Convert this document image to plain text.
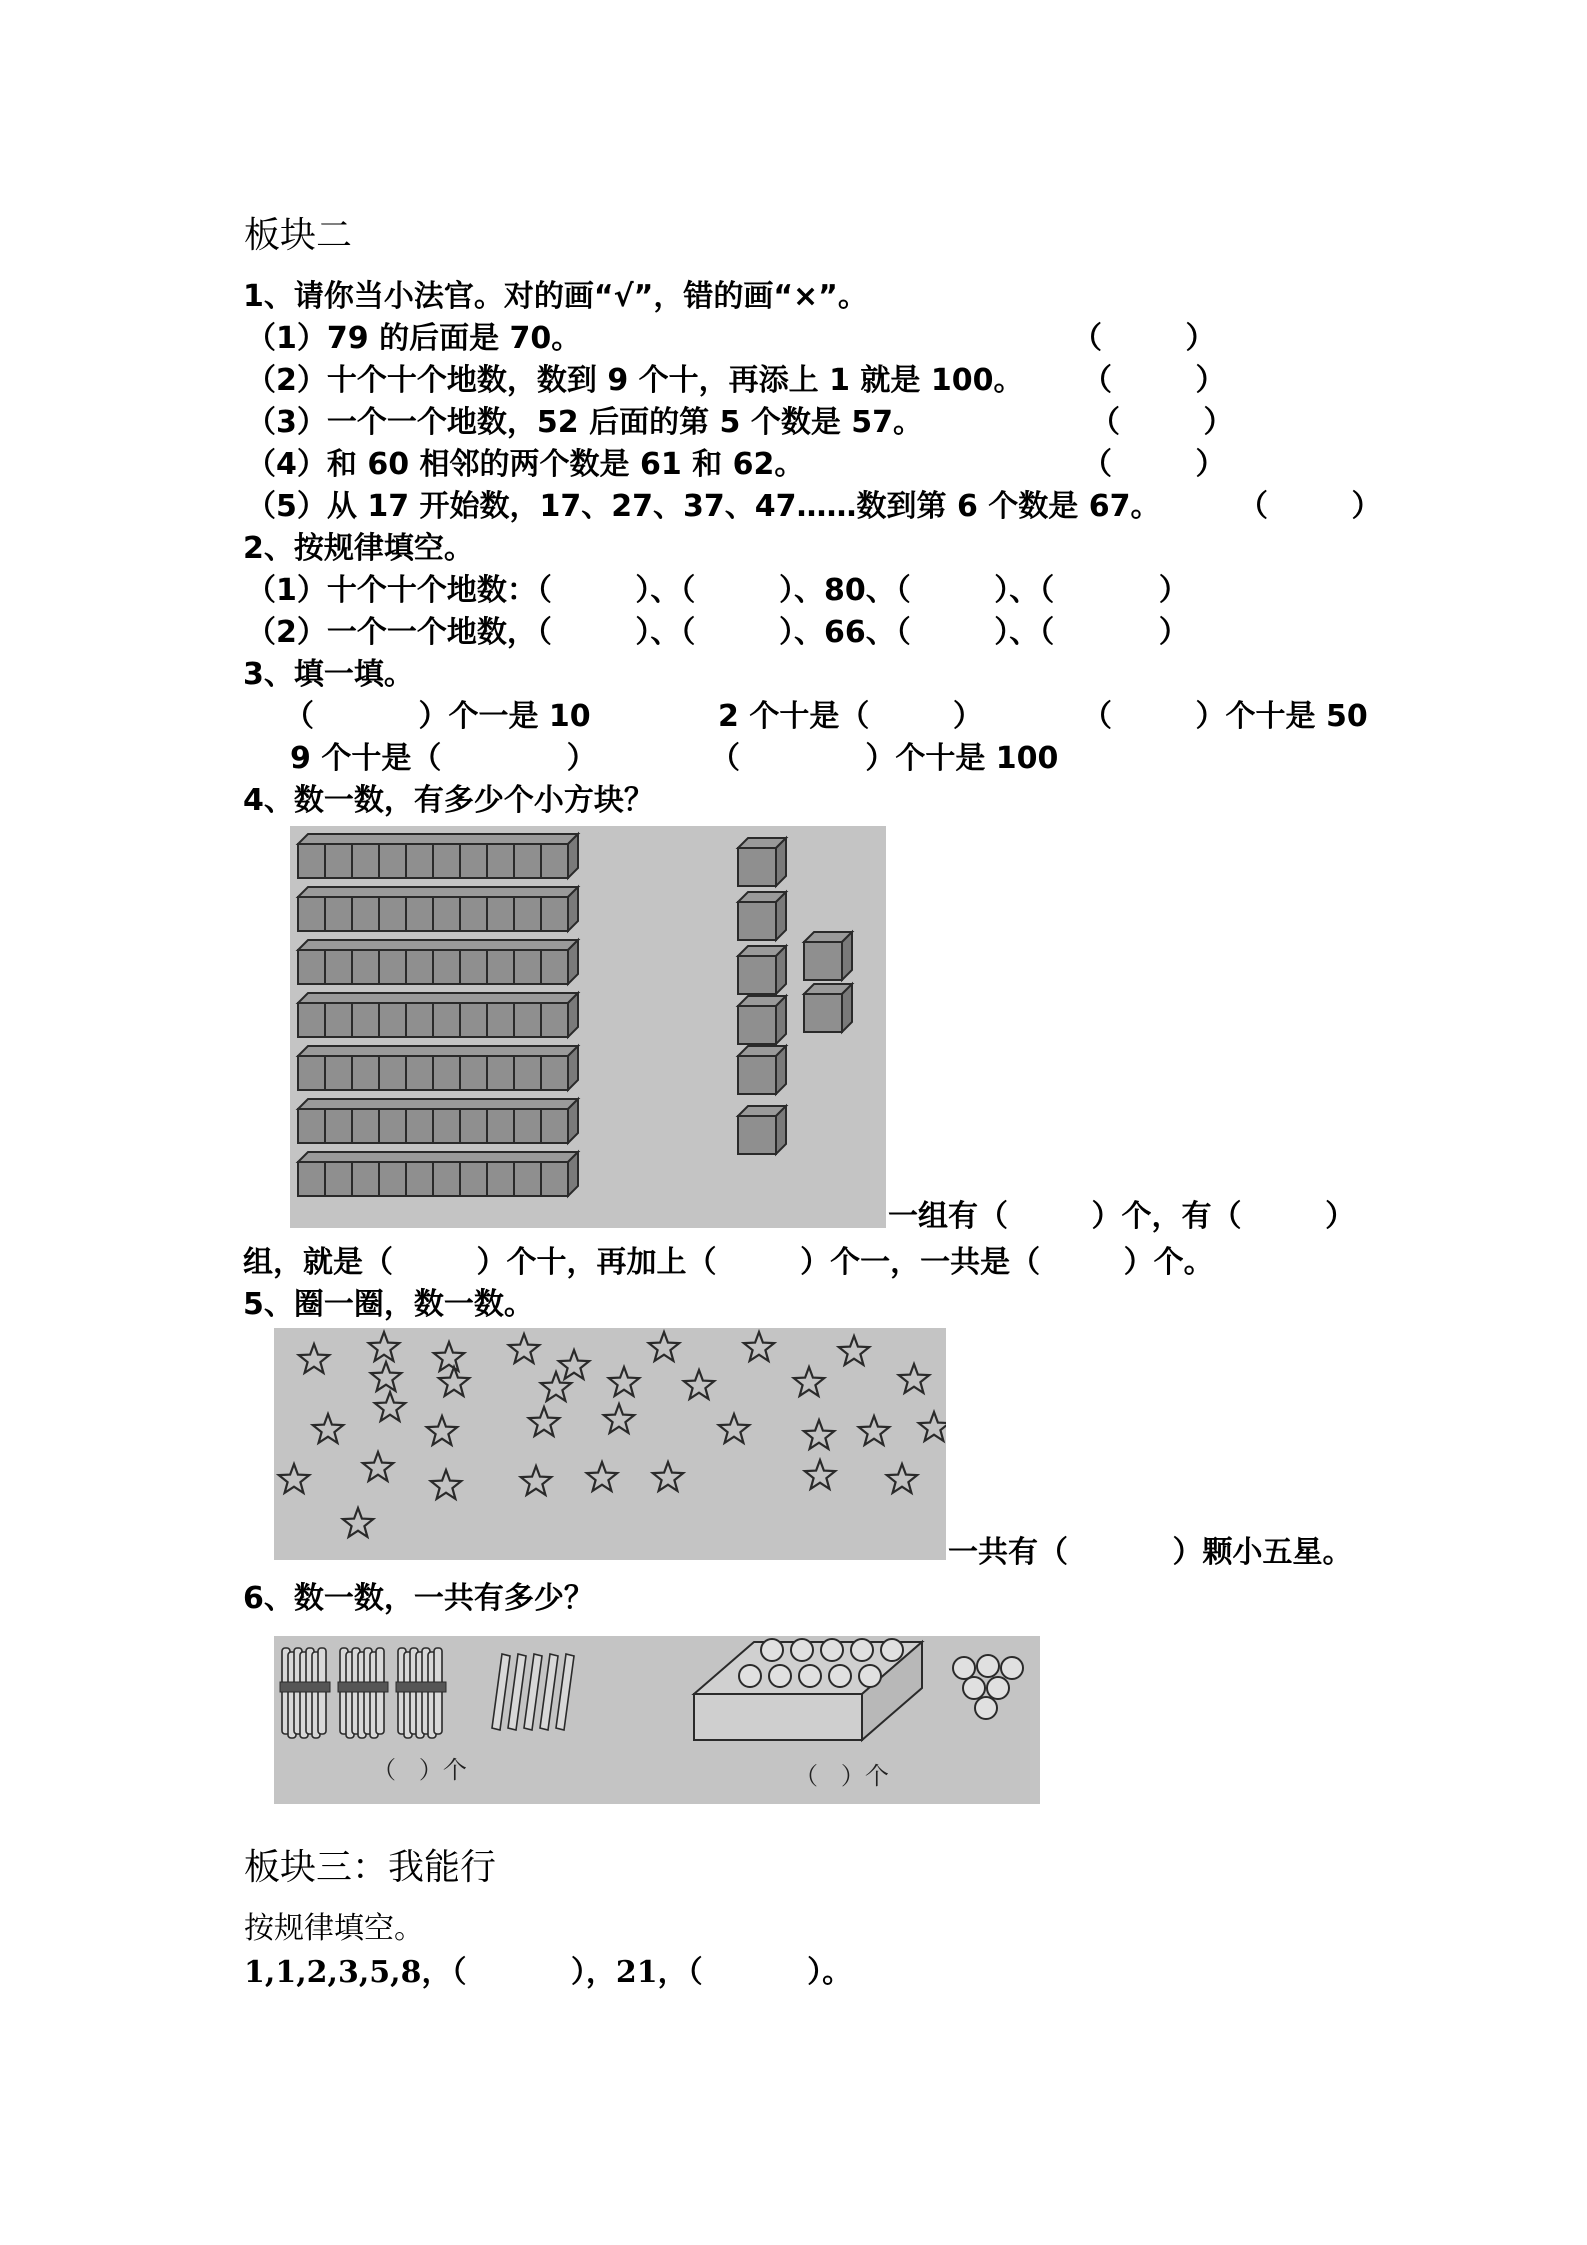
板块二
1、请你当小法官。对的画“√”，错的画“×”。
（1）79 的后面是 70。	（        ）
（2）十个十个地数，数到 9 个十，再添上 1 就是 100。 （        ）
（3）一个一个地数，52 后面的第 5 个数是 57。	（        ）
（4）和 60 相邻的两个数是 61 和 62。	（        ）
（5）从 17 开始数，17、27、37、47……数到第 6 个数是 67。	（        ）
2、按规律填空。
（1）十个十个地数：（        ）、（        ）、80、（        ）、（          ）
（2）一个一个地数，（        ）、（        ）、66、（        ）、（          ）
3、填一填。
（          ）个一是 10	2 个十是（        ）	（        ）个十是 50
9 个十是（            ）	（            ）个十是 100
4、数一数，有多少个小方块？
一组有（        ）个，有（        ）
组，就是（        ）个十，再加上（        ）个一，一共是（        ）个。
5、圈一圈，数一数。
一共有（          ）颗小五星。
6、数一数，一共有多少？
（   ）个	（   ）个
板块三：我能行
按规律填空。
1,1,2,3,5,8，（          ），21，（          ）。
